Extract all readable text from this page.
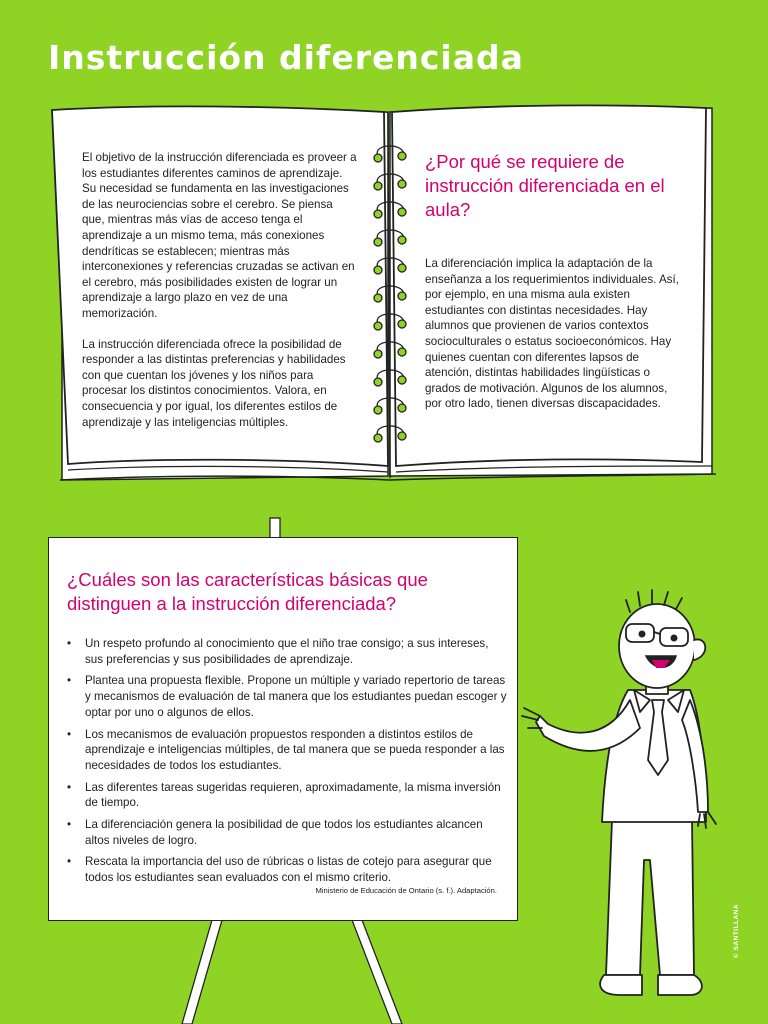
Instrucción diferenciada

El objetivo de la instrucción diferenciada es proveer a los estudiantes diferentes caminos de aprendizaje. Su necesidad se fundamenta en las investigaciones de las neurociencias sobre el cerebro. Se piensa que, mientras más vías de acceso tenga el aprendizaje a un mismo tema, más conexiones dendríticas se establecen; mientras más interconexiones y referencias cruzadas se activan en el cerebro, más posibilidades existen de lograr un aprendizaje a largo plazo en vez de una memorización.

La instrucción diferenciada ofrece la posibilidad de responder a las distintas preferencias y habilidades con que cuentan los jóvenes y los niños para procesar los distintos conocimientos. Valora, en consecuencia y por igual, los diferentes estilos de aprendizaje y las inteligencias múltiples.

¿Por qué se requiere de instrucción diferenciada en el aula?

La diferenciación implica la adaptación de la enseñanza a los requerimientos individuales. Así, por ejemplo, en una misma aula existen estudiantes con distintas necesidades. Hay alumnos que provienen de varios contextos socioculturales o estatus socioeconómicos. Hay quienes cuentan con diferentes lapsos de atención, distintas habilidades lingüísticas o grados de motivación. Algunos de los alumnos, por otro lado, tienen diversas discapacidades.

¿Cuáles son las características básicas que distinguen a la instrucción diferenciada?
• Un respeto profundo al conocimiento que el niño trae consigo; a sus intereses, sus preferencias y sus posibilidades de aprendizaje.
• Plantea una propuesta flexible. Propone un múltiple y variado repertorio de tareas y mecanismos de evaluación de tal manera que los estudiantes puedan escoger y optar por uno o algunos de ellos.
• Los mecanismos de evaluación propuestos responden a distintos estilos de aprendizaje e inteligencias múltiples, de tal manera que se pueda responder a las necesidades de todos los estudiantes.
• Las diferentes tareas sugeridas requieren, aproximadamente, la misma inversión de tiempo.
• La diferenciación genera la posibilidad de que todos los estudiantes alcancen altos niveles de logro.
• Rescata la importancia del uso de rúbricas o listas de cotejo para asegurar que todos los estudiantes sean evaluados con el mismo criterio.
Ministerio de Educación de Ontario (s. f.). Adaptación.
© SANTILLANA
